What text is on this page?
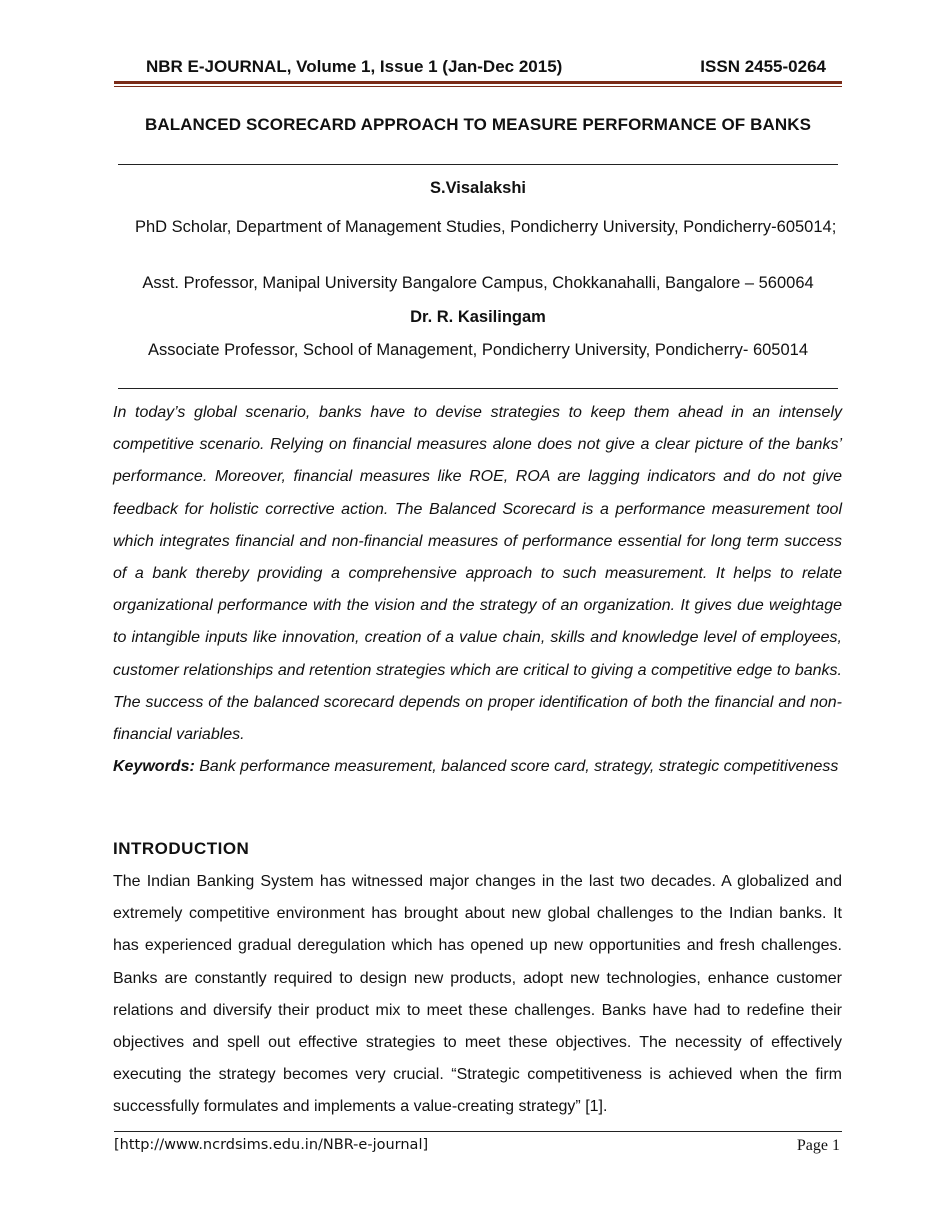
NBR E-JOURNAL, Volume 1, Issue 1 (Jan-Dec 2015)	ISSN 2455-0264
BALANCED SCORECARD APPROACH TO MEASURE PERFORMANCE OF BANKS
S.Visalakshi
PhD Scholar, Department of Management Studies, Pondicherry University, Pondicherry-605014;
Asst. Professor, Manipal University Bangalore Campus, Chokkanahalli, Bangalore – 560064
Dr. R. Kasilingam
Associate Professor, School of Management, Pondicherry University, Pondicherry- 605014

In today’s global scenario, banks have to devise strategies to keep them ahead in an intensely competitive scenario. Relying on financial measures alone does not give a clear picture of the banks’ performance. Moreover, financial measures like ROE, ROA are lagging indicators and do not give feedback for holistic corrective action. The Balanced Scorecard is a performance measurement tool which integrates financial and non-financial measures of performance essential for long term success of a bank thereby providing a comprehensive approach to such measurement. It helps to relate organizational performance with the vision and the strategy of an organization. It gives due weightage to intangible inputs like innovation, creation of a value chain, skills and knowledge level of employees, customer relationships and retention strategies which are critical to giving a competitive edge to banks. The success of the balanced scorecard depends on proper identification of both the financial and non-financial variables.

Keywords: Bank performance measurement, balanced score card, strategy, strategic competitiveness

INTRODUCTION

The Indian Banking System has witnessed major changes in the last two decades. A globalized and extremely competitive environment has brought about new global challenges to the Indian banks. It has experienced gradual deregulation which has opened up new opportunities and fresh challenges. Banks are constantly required to design new products, adopt new technologies, enhance customer relations and diversify their product mix to meet these challenges. Banks have had to redefine their objectives and spell out effective strategies to meet these objectives. The necessity of effectively executing the strategy becomes very crucial. “Strategic competitiveness is achieved when the firm successfully formulates and implements a value-creating strategy” [1].

[http://www.ncrdsims.edu.in/NBR-e-journal]	Page 1
